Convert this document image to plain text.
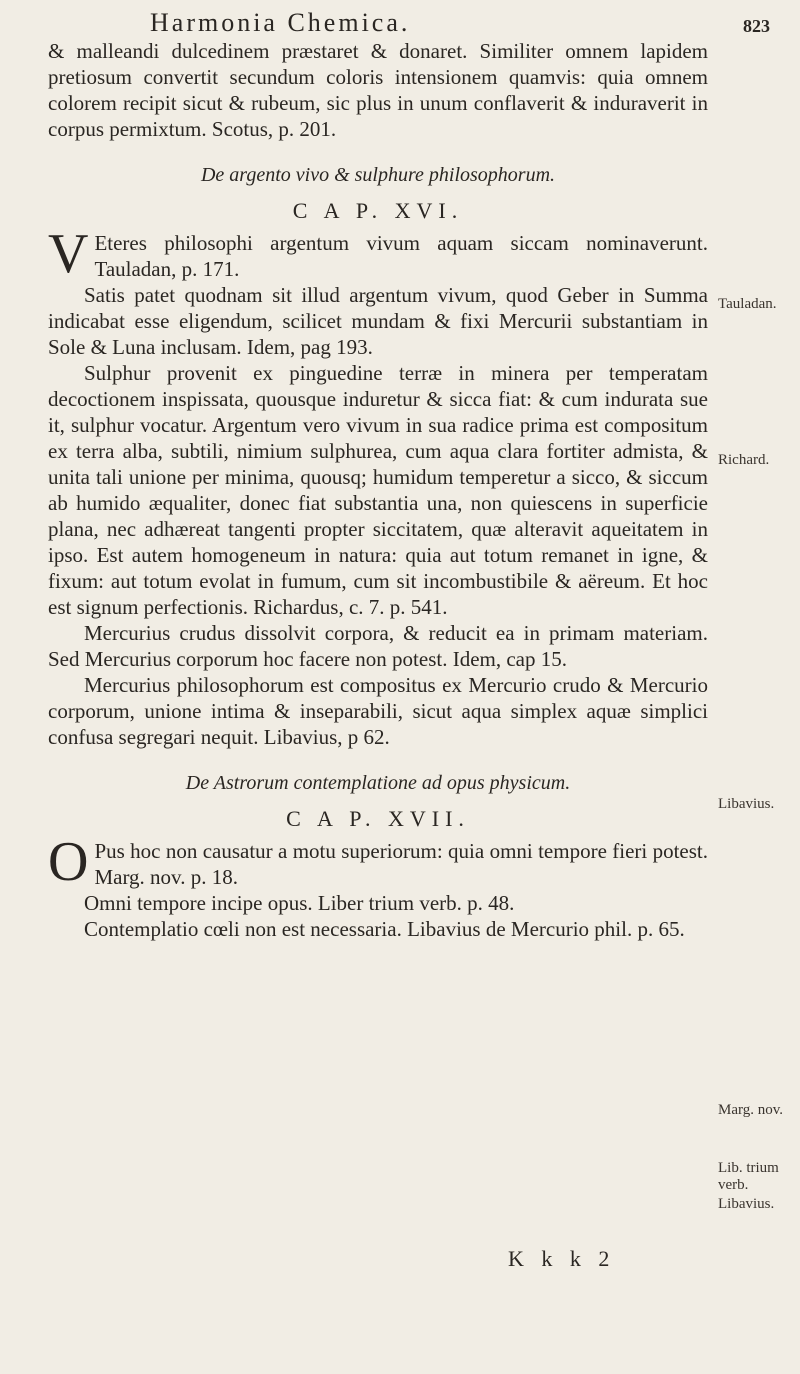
Harmonia Chemica.	823

& malleandi dulcedinem præstaret & donaret. Similiter omnem lapidem pretiosum convertit secundum coloris intensionem quamvis: quia omnem colorem recipit sicut & rubeum, sic plus in unum conflaverit & induraverit in corpus permixtum. Scotus, p. 201.

De argento vivo & sulphure philosophorum.

C A P. XVI.

V Eteres philosophi argentum vivum aquam siccam nominaverunt. Tauladan, p. 171.

Satis patet quodnam sit illud argentum vivum, quod Geber in Summa indicabat esse eligendum, scilicet mundam & fixi Mercurii substantiam in Sole & Luna inclusam. Idem, pag 193.

Sulphur provenit ex pinguedine terræ in minera per temperatam decoctionem inspissata, quousque induretur & sicca fiat: & cum indurata sue it, sulphur vocatur. Argentum vero vivum in sua radice prima est compositum ex terra alba, subtili, nimium sulphurea, cum aqua clara fortiter admista, & unita tali unione per minima, quousq; humidum temperetur a sicco, & siccum ab humido æqualiter, donec fiat substantia una, non quiescens in superficie plana, nec adhæreat tangenti propter siccitatem, quæ alteravit aqueitatem in ipso. Est autem homogeneum in natura: quia aut totum remanet in igne, & fixum: aut totum evolat in fumum, cum sit incombustibile & aëreum. Et hoc est signum perfectionis. Richardus, c. 7. p. 541.

Mercurius crudus dissolvit corpora, & reducit ea in primam materiam. Sed Mercurius corporum hoc facere non potest. Idem, cap 15.

Mercurius philosophorum est compositus ex Mercurio crudo & Mercurio corporum, unione intima & inseparabili, sicut aqua simplex aquæ simplici confusa segregari nequit. Libavius, p 62.

De Astrorum contemplatione ad opus physicum.

C A P. XVII.

O Pus hoc non causatur a motu superiorum: quia omni tempore fieri potest. Marg. nov. p. 18.

Omni tempore incipe opus. Liber trium verb. p. 48.

Contemplatio cœli non est necessaria. Libavius de Mercurio phil. p. 65.

Tauladan.
Richard.
Libavius.
Marg. nov.
Lib. trium verb.
Libavius.
K k k 2
